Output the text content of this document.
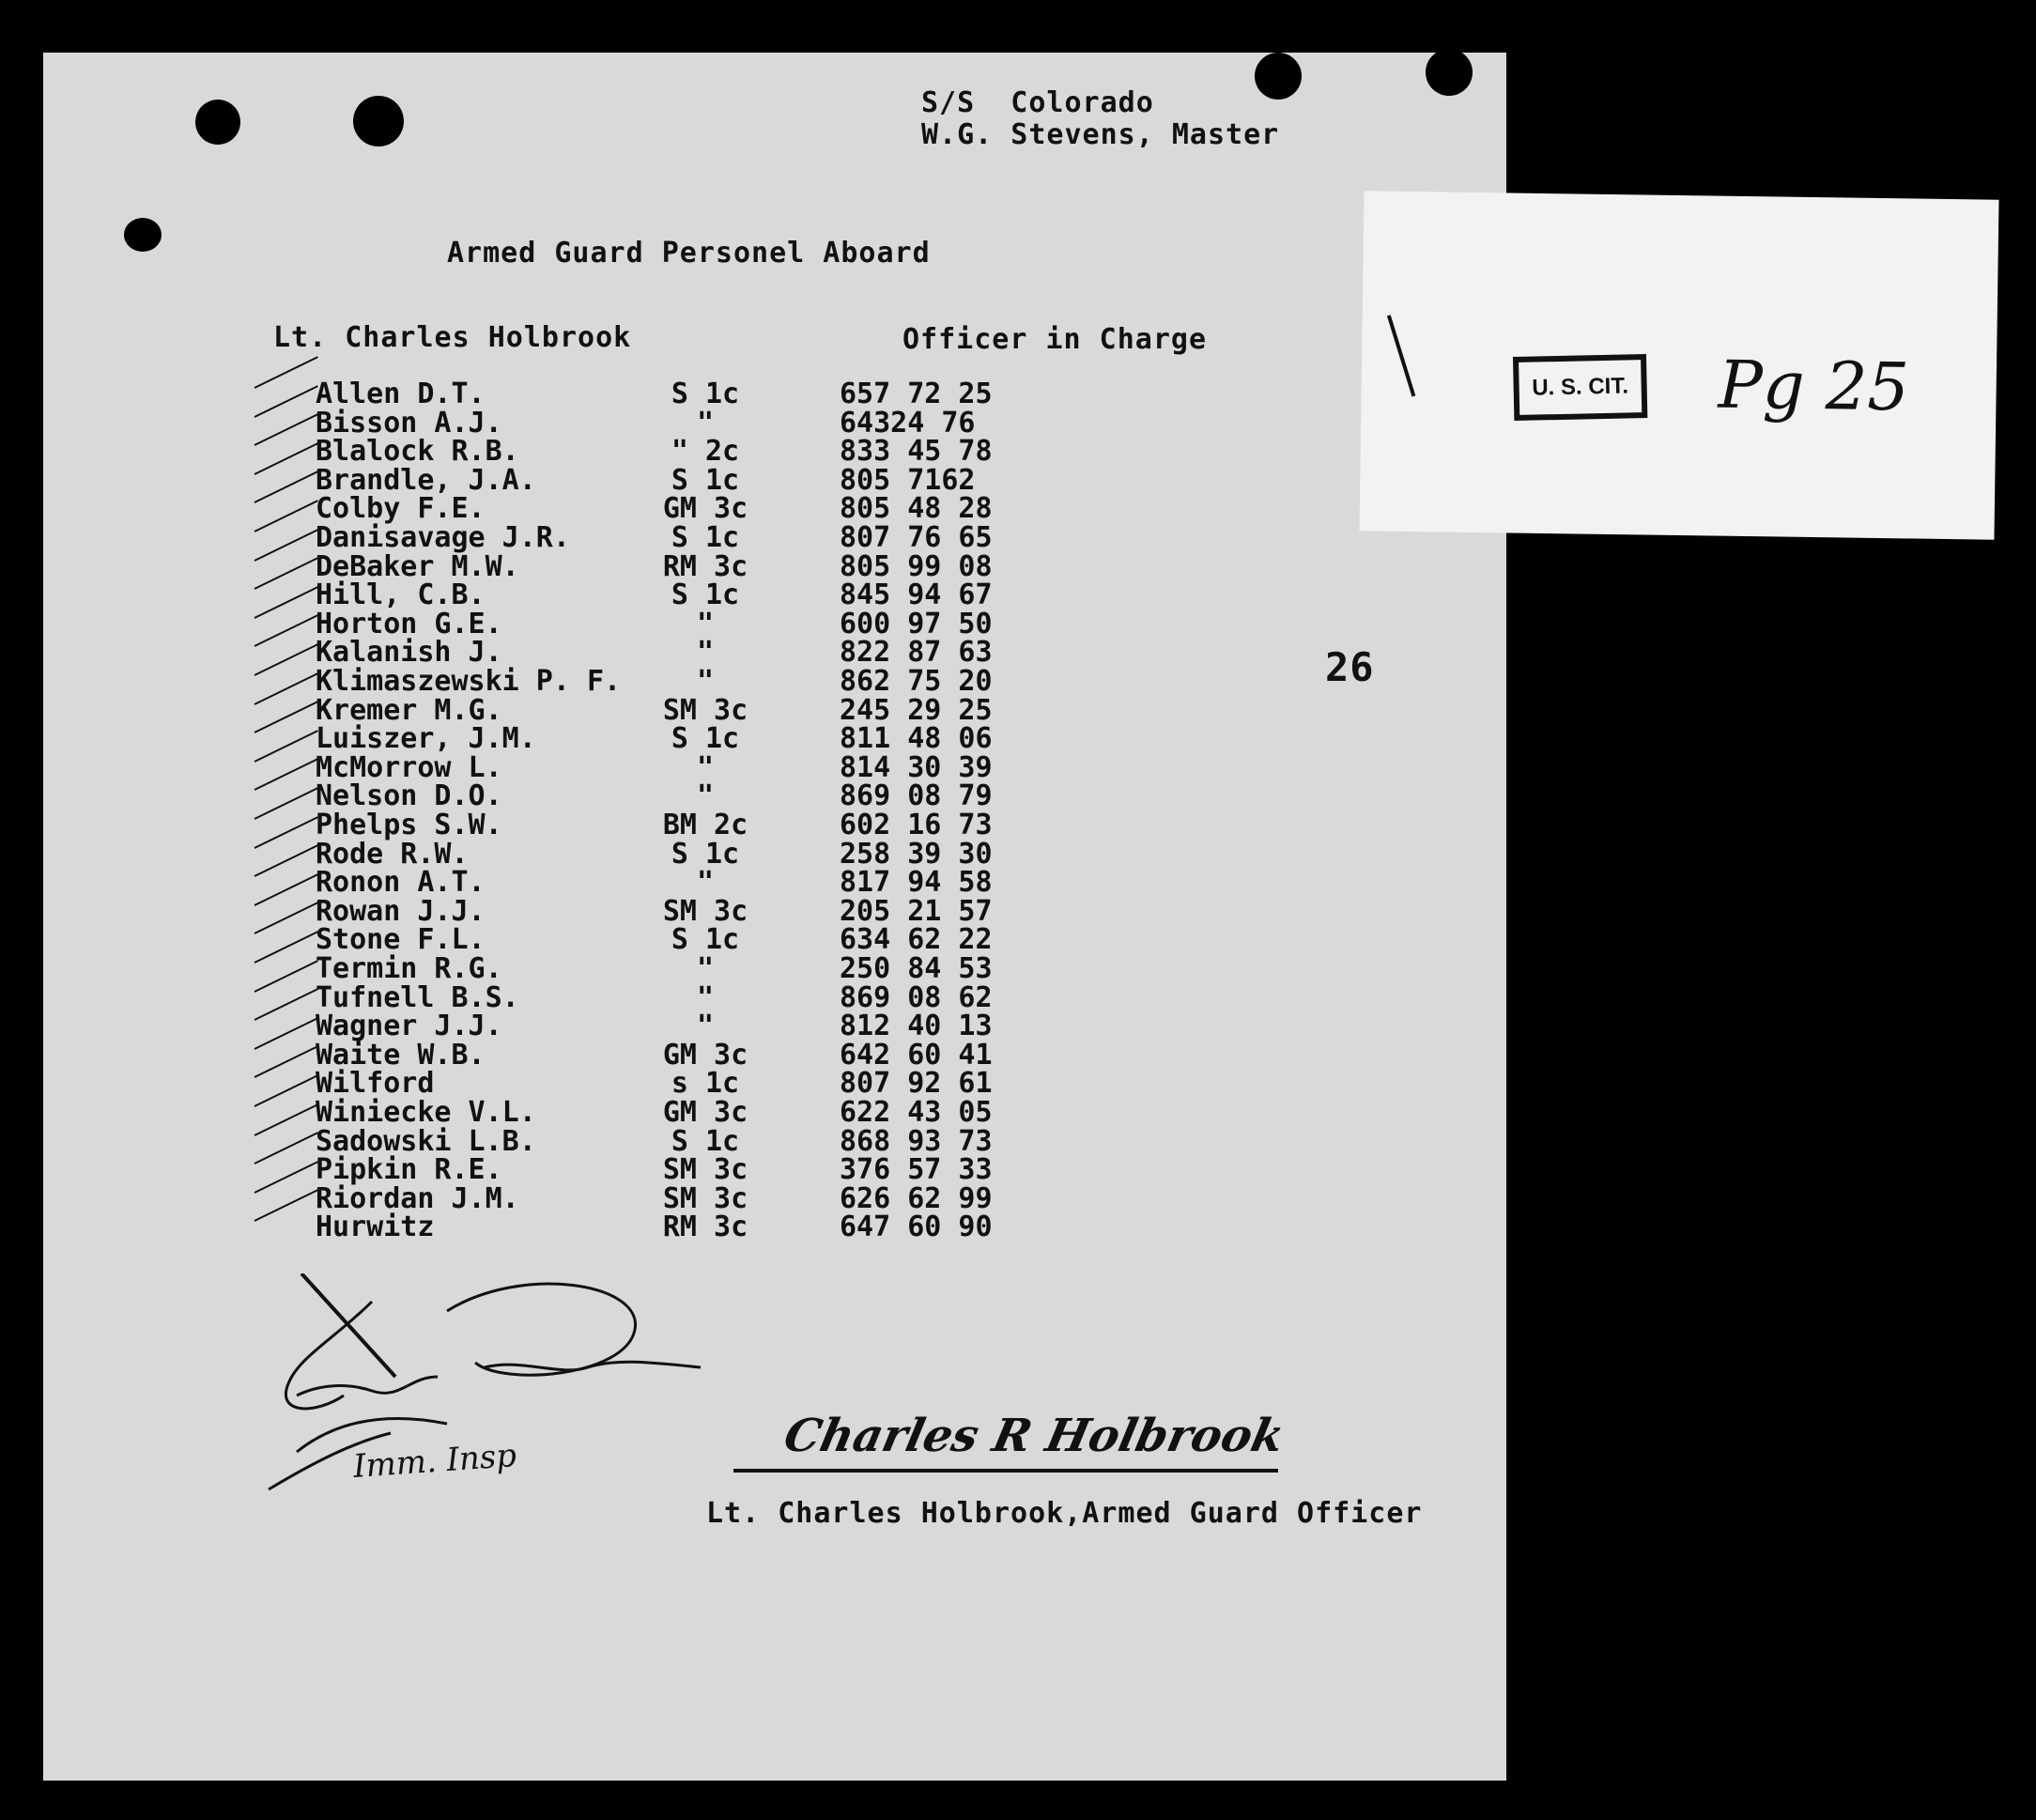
S/S  Colorado
W.G. Stevens, Master
Armed Guard Personel Aboard
Lt. Charles Holbrook	Officer in Charge
26
Allen D.T.	S 1c	657 72 25
Bisson A.J.	"	64324 76
Blalock R.B.	" 2c	833 45 78
Brandle, J.A.	S 1c	805 7162
Colby F.E.	GM 3c	805 48 28
Danisavage J.R.	S 1c	807 76 65
DeBaker M.W.	RM 3c	805 99 08
Hill, C.B.	S 1c	845 94 67
Horton G.E.	"	600 97 50
Kalanish J.	"	822 87 63
Klimaszewski P. F.	"	862 75 20
Kremer M.G.	SM 3c	245 29 25
Luiszer, J.M.	S 1c	811 48 06
McMorrow L.	"	814 30 39
Nelson D.O.	"	869 08 79
Phelps S.W.	BM 2c	602 16 73
Rode R.W.	S 1c	258 39 30
Ronon A.T.	"	817 94 58
Rowan J.J.	SM 3c	205 21 57
Stone F.L.	S 1c	634 62 22
Termin R.G.	"	250 84 53
Tufnell B.S.	"	869 08 62
Wagner J.J.	"	812 40 13
Waite W.B.	GM 3c	642 60 41
Wilford	s 1c	807 92 61
Winiecke V.L.	GM 3c	622 43 05
Sadowski L.B.	S 1c	868 93 73
Pipkin R.E.	SM 3c	376 57 33
Riordan J.M.	SM 3c	626 62 99
Hurwitz	RM 3c	647 60 90
Imm. Insp	Charles R Holbrook
Lt. Charles Holbrook,Armed Guard Officer
U. S. CIT. Pg 25
